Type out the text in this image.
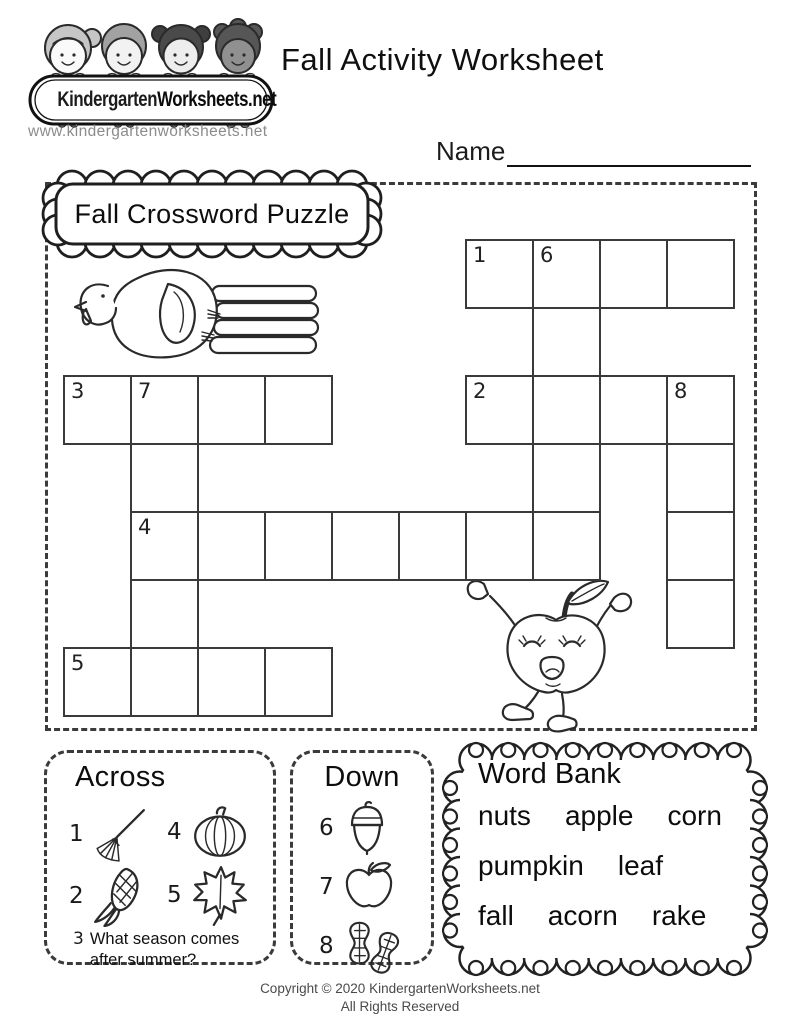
KindergartenWorksheets.net
www.kindergartenworksheets.net
Fall Activity Worksheet
Name
1	6
3	7	2	8
4
5
Fall Crossword Puzzle
Across
1	4
2	5
3 What season comes after summer?
Down
6
7
8
Word Bank
nuts apple corn
pumpkin leaf
fall acorn rake
Copyright © 2020 KindergartenWorksheets.net
All Rights Reserved
